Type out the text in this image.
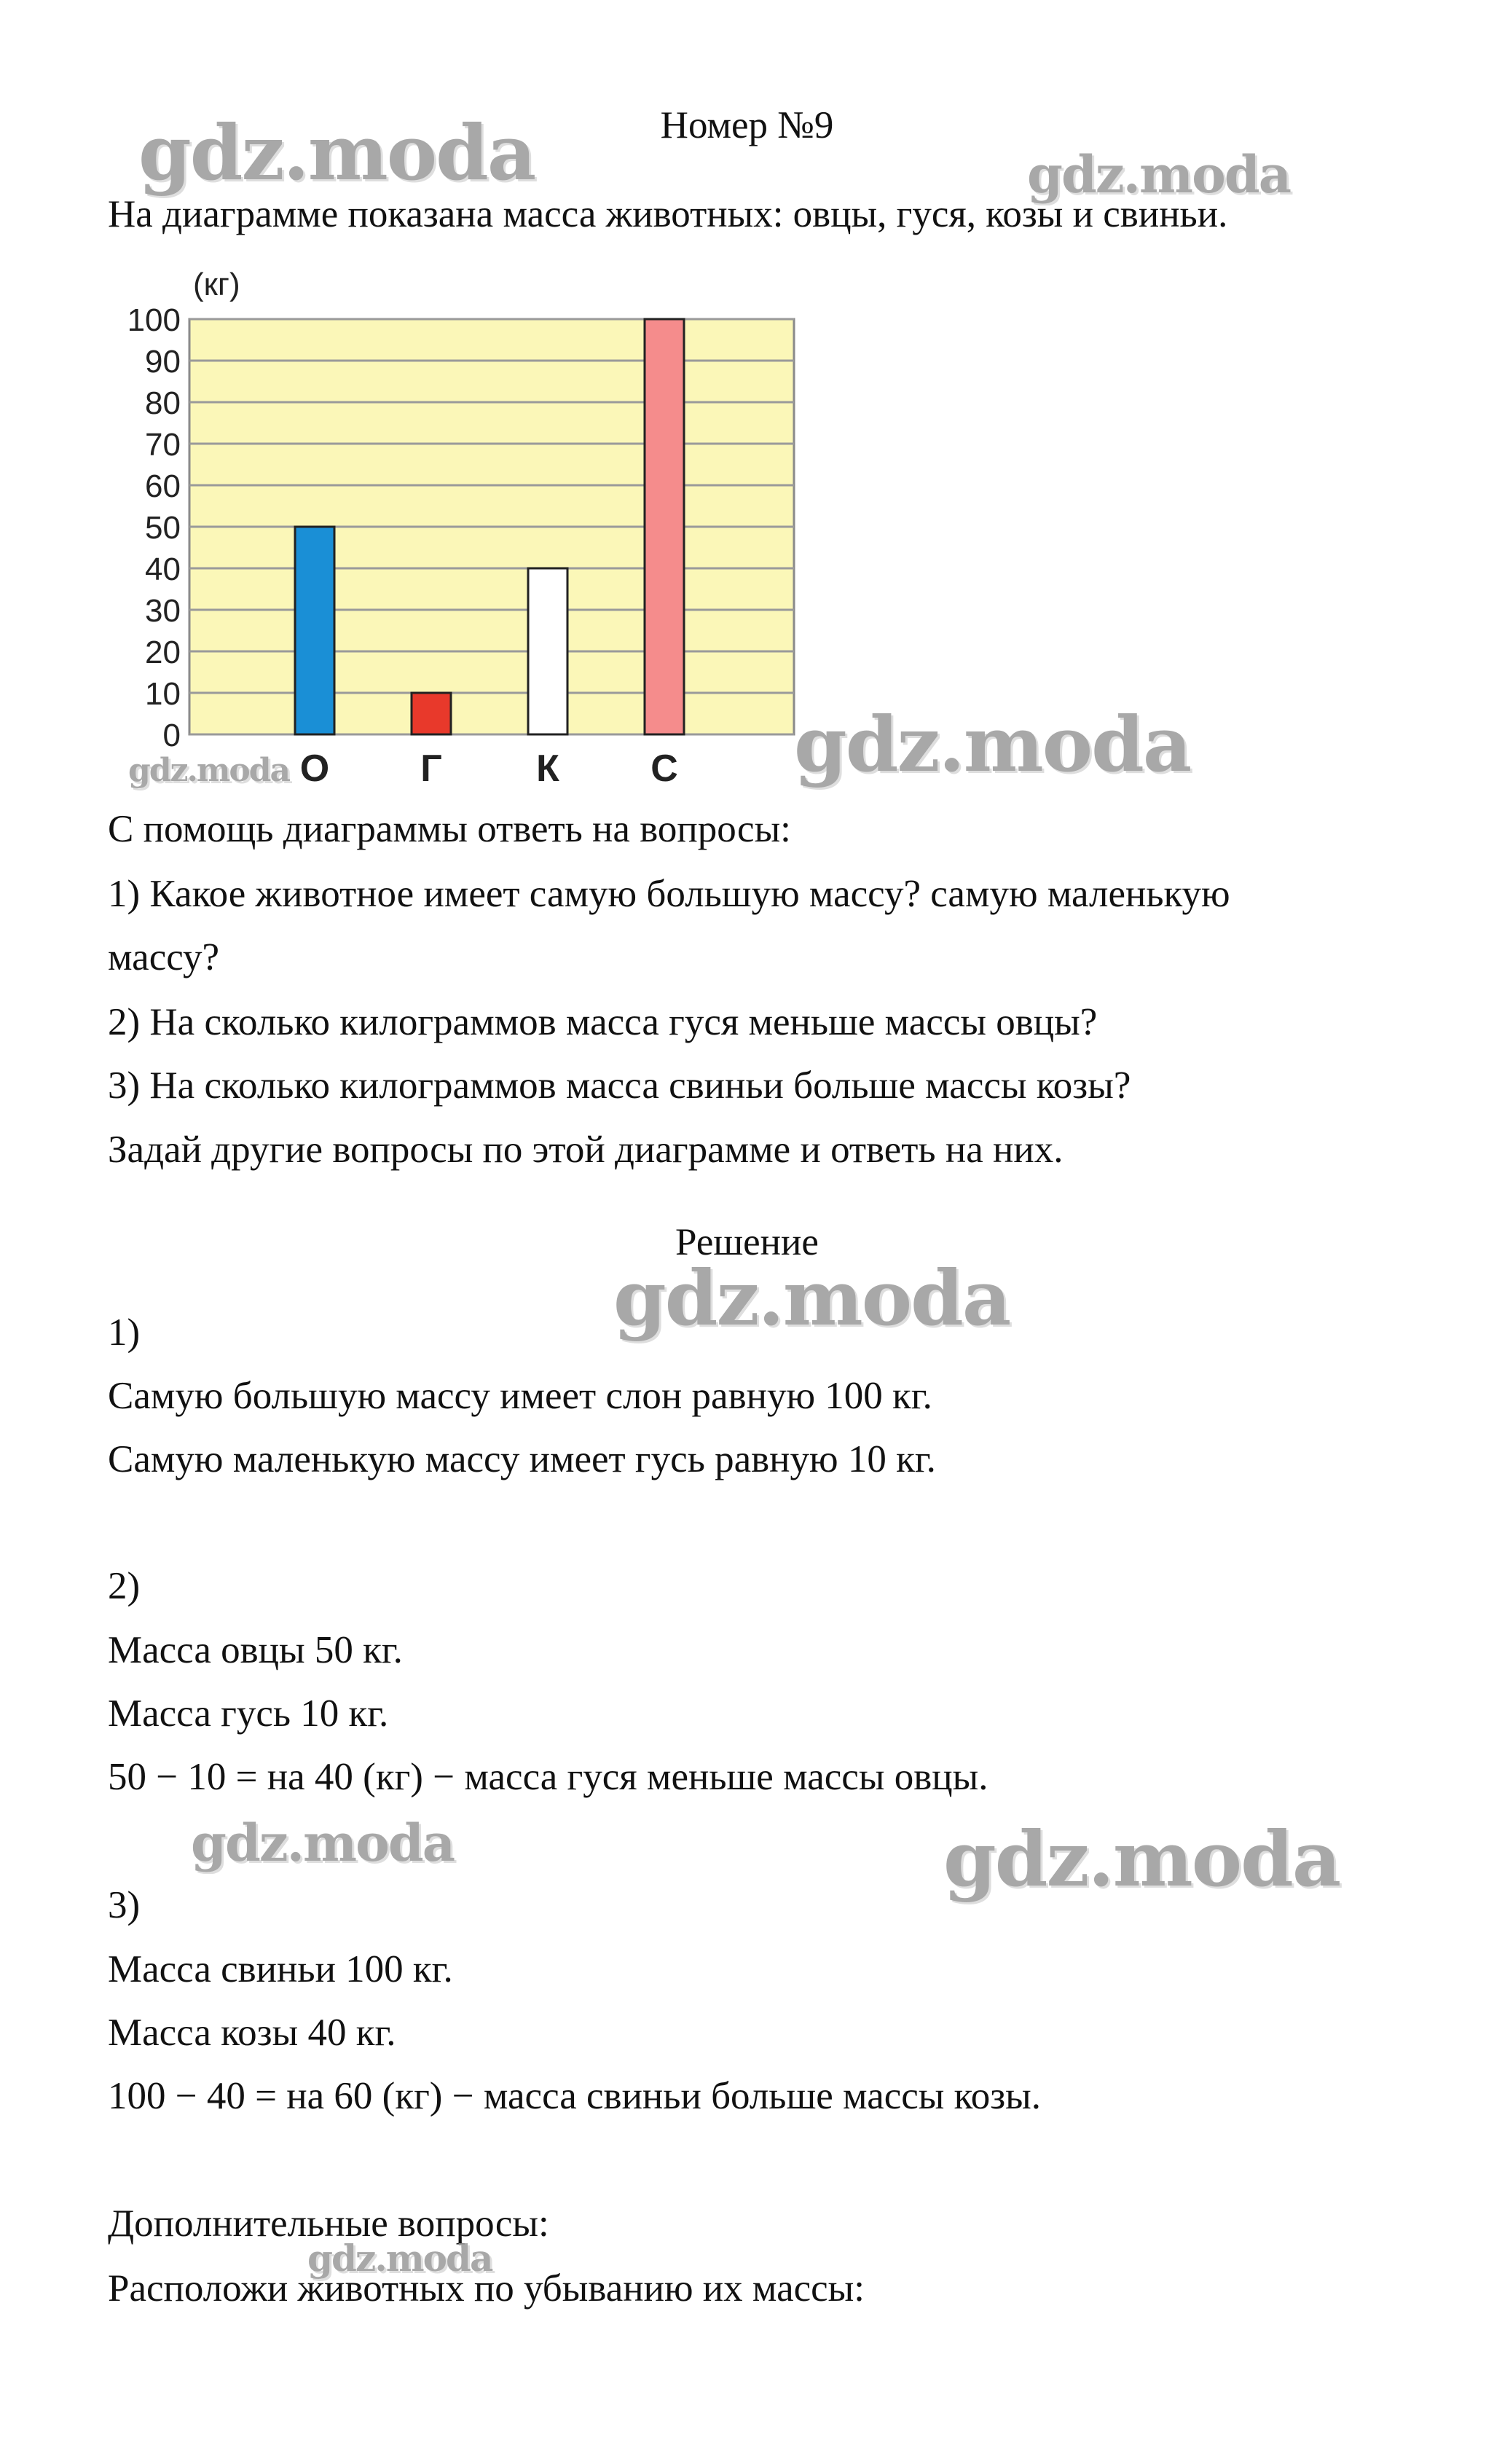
Номер №9
На диаграмме показана масса животных: овцы, гуся, козы и свиньи.
(кг)
0
10
20
30
40
50
60
70
80
90
100
О Г К С
С помощь диаграммы ответь на вопросы:
1) Какое животное имеет самую большую массу? самую маленькую
массу?
2) На сколько килограммов масса гуся меньше массы овцы?
3) На сколько килограммов масса свиньи больше массы козы?
Задай другие вопросы по этой диаграмме и ответь на них.
Решение
1)
Самую большую массу имеет слон равную 100 кг.
Самую маленькую массу имеет гусь равную 10 кг.
2)
Масса овцы 50 кг.
Масса гусь 10 кг.
50 − 10 = на 40 (кг) − масса гуся меньше массы овцы.
3)
Масса свиньи 100 кг.
Масса козы 40 кг.
100 − 40 = на 60 (кг) − масса свиньи больше массы козы.
Дополнительные вопросы:
Расположи животных по убыванию их массы:
gdz.moda	gdz.moda
gdz.moda
gdz.moda
gdz.moda
gdz.moda	gdz.moda
gdz.moda
